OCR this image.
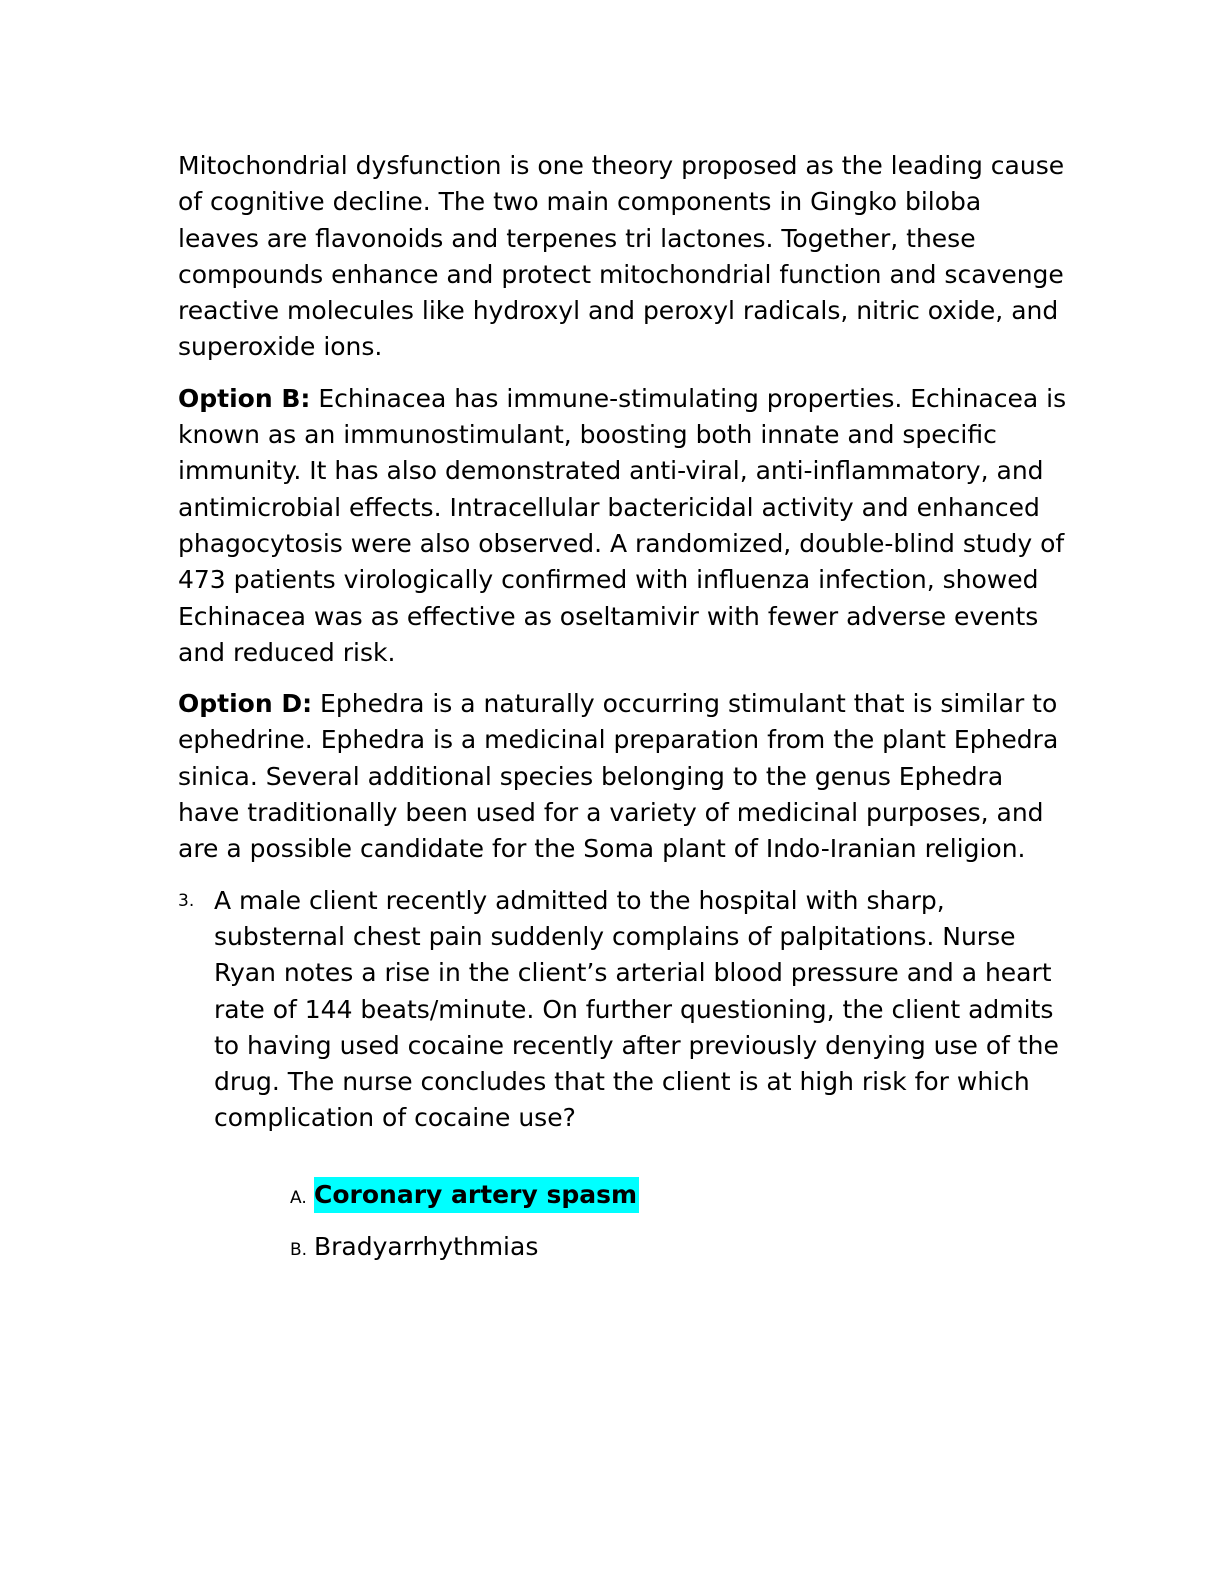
Mitochondrial dysfunction is one theory proposed as the leading cause of cognitive decline. The two main components in Gingko biloba leaves are flavonoids and terpenes tri lactones. Together, these compounds enhance and protect mitochondrial function and scavenge reactive molecules like hydroxyl and peroxyl radicals, nitric oxide, and superoxide ions.

Option B: Echinacea has immune-stimulating properties. Echinacea is known as an immunostimulant, boosting both innate and specific immunity. It has also demonstrated anti-viral, anti-inflammatory, and antimicrobial effects. Intracellular bactericidal activity and enhanced phagocytosis were also observed. A randomized, double-blind study of 473 patients virologically confirmed with influenza infection, showed Echinacea was as effective as oseltamivir with fewer adverse events and reduced risk.

Option D: Ephedra is a naturally occurring stimulant that is similar to ephedrine. Ephedra is a medicinal preparation from the plant Ephedra sinica. Several additional species belonging to the genus Ephedra have traditionally been used for a variety of medicinal purposes, and are a possible candidate for the Soma plant of Indo-Iranian religion.

3. A male client recently admitted to the hospital with sharp, substernal chest pain suddenly complains of palpitations. Nurse Ryan notes a rise in the client’s arterial blood pressure and a heart rate of 144 beats/minute. On further questioning, the client admits to having used cocaine recently after previously denying use of the drug. The nurse concludes that the client is at high risk for which complication of cocaine use?
A. Coronary artery spasm
B. Bradyarrhythmias
